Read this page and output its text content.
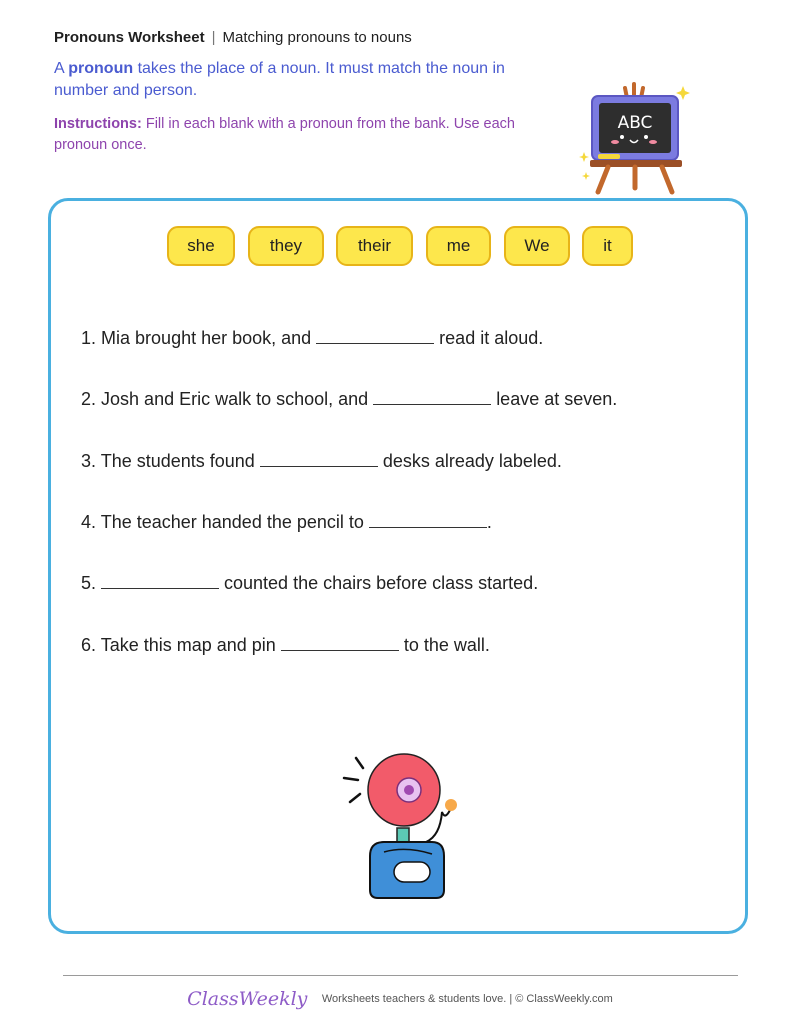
Pronouns Worksheet | Matching pronouns to nouns
A pronoun takes the place of a noun. It must match the noun in number and person.
Instructions: Fill in each blank with a pronoun from the bank. Use each pronoun once.
ABC
she	they	their	me	We	it
1. Mia brought her book, and	read it aloud.
2. Josh and Eric walk to school, and	leave at seven.
3. The students found	desks already labeled.
4. The teacher handed the pencil to	.
5.	counted the chairs before class started.
6. Take this map and pin	to the wall.
ClassWeekly Worksheets teachers & students love. | © ClassWeekly.com
